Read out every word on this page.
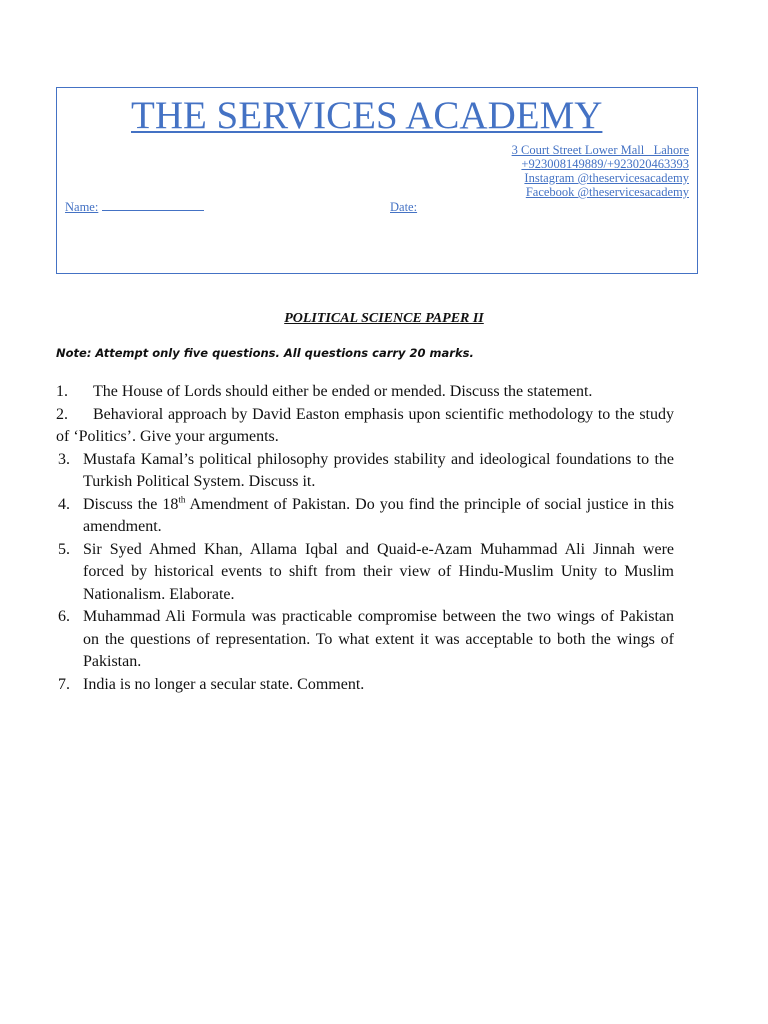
THE SERVICES ACADEMY
3 Court Street Lower Mall   Lahore
+923008149889/+923020463393
Instagram @theservicesacademy
Facebook @theservicesacademy
Name:	Date:
POLITICAL SCIENCE PAPER II
Note: Attempt only five questions. All questions carry 20 marks.
1. The House of Lords should either be ended or mended. Discuss the statement.
2. Behavioral approach by David Easton emphasis upon scientific methodology to the study of ‘Politics’. Give your arguments.
3. Mustafa Kamal’s political philosophy provides stability and ideological foundations to the Turkish Political System. Discuss it.
4. Discuss the 18th Amendment of Pakistan. Do you find the principle of social justice in this amendment.
5. Sir Syed Ahmed Khan, Allama Iqbal and Quaid-e-Azam Muhammad Ali Jinnah were forced by historical events to shift from their view of Hindu-Muslim Unity to Muslim Nationalism. Elaborate.
6. Muhammad Ali Formula was practicable compromise between the two wings of Pakistan on the questions of representation. To what extent it was acceptable to both the wings of Pakistan.
7. India is no longer a secular state. Comment.
